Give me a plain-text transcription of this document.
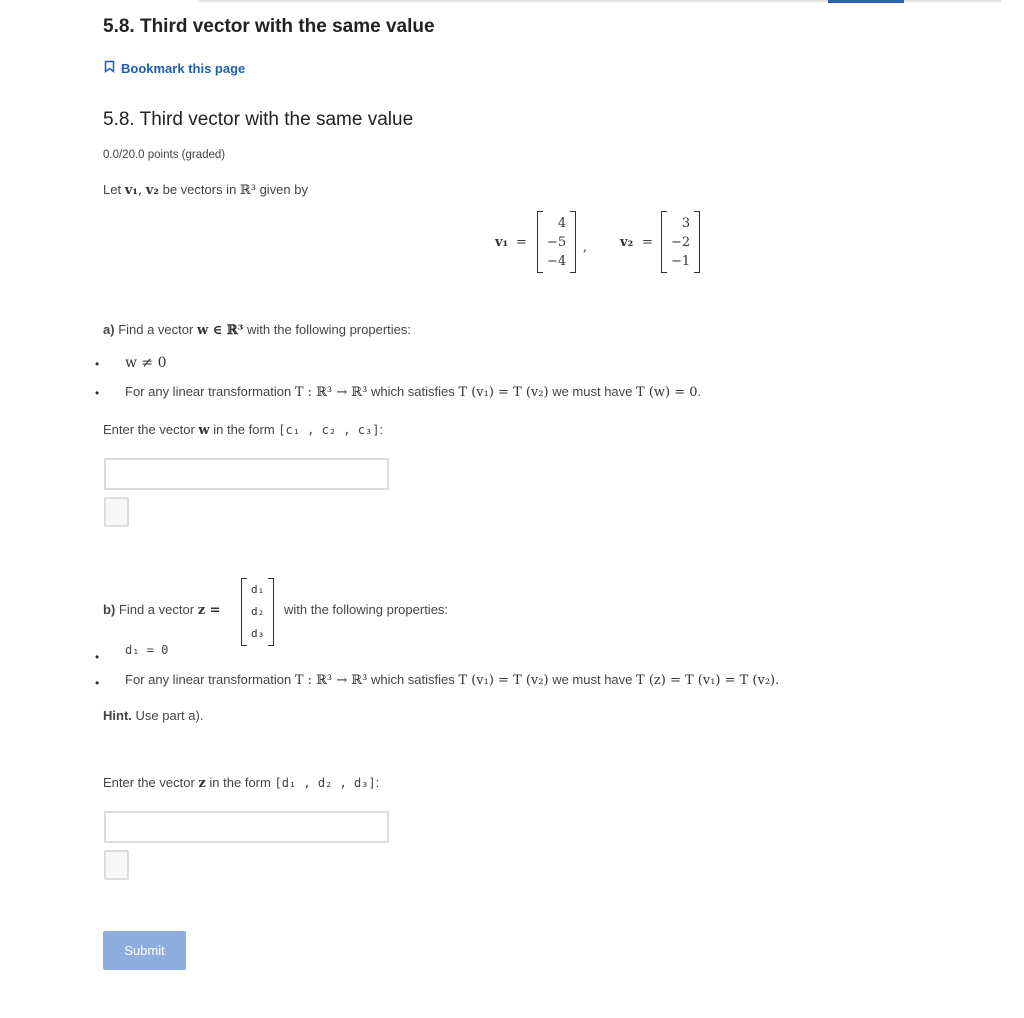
5.8. Third vector with the same value
Bookmark this page
5.8. Third vector with the same value
0.0/20.0 points (graded)
Let v₁, v₂ be vectors in ℝ³ given by
v₁ =
4
−5
−4
,	v₂ =
3
−2
−1
a) Find a vector w ∈ ℝ³ with the following properties:
• w ≠ 0
• For any linear transformation T : ℝ³ → ℝ³ which satisfies T (v₁) = T (v₂) we must have T (w) = 0.
Enter the vector w in the form [c₁ , c₂ , c₃]:
b) Find a vector z =
d₁
d₂
d₃
with the following properties:
• d₁ = 0
• For any linear transformation T : ℝ³ → ℝ³ which satisfies T (v₁) = T (v₂) we must have T (z) = T (v₁) = T (v₂).
Hint. Use part a).
Enter the vector z in the form [d₁ , d₂ , d₃]:
Submit
